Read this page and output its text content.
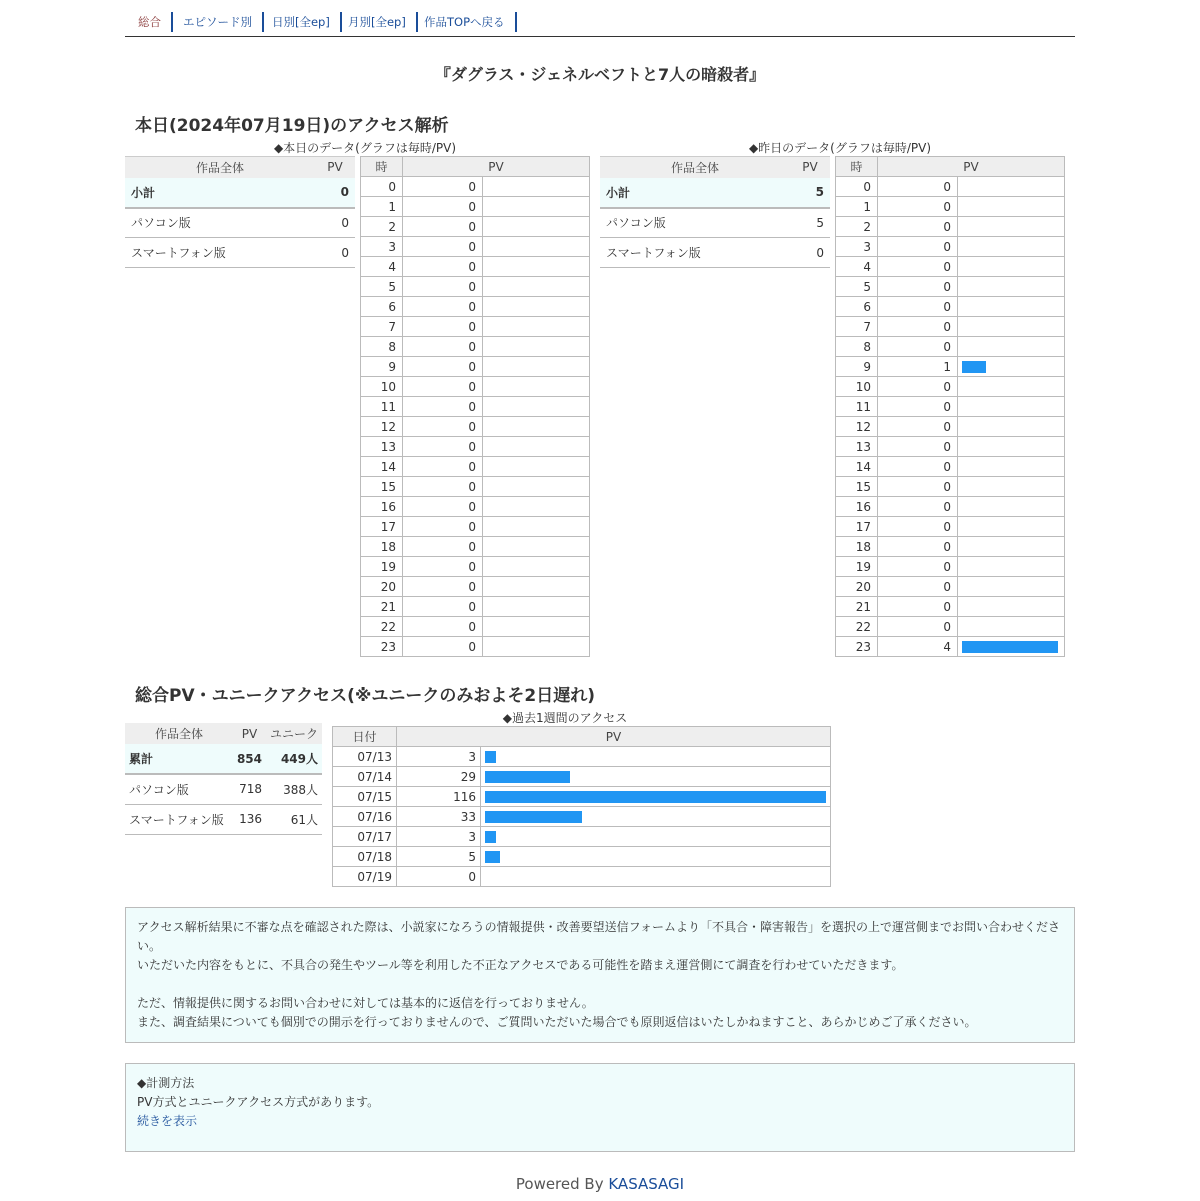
総合	エピソード別	日別[全ep]	月別[全ep]	作品TOPへ戻る
『ダグラス・ジェネルベフトと7人の暗殺者』
本日(2024年07月19日)のアクセス解析
◆本日のデータ(グラフは毎時/PV)	◆昨日のデータ(グラフは毎時/PV)
作品全体	PV
小計	0
パソコン版	0
スマートフォン版	0
時	PV	
0	0	
1	0	
2	0	
3	0	
4	0	
5	0	
6	0	
7	0	
8	0	
9	0	
10	0	
11	0	
12	0	
13	0	
14	0	
15	0	
16	0	
17	0	
18	0	
19	0	
20	0	
21	0	
22	0	
23	0	
作品全体	PV
小計	5
パソコン版	5
スマートフォン版	0
時	PV	
0	0	
1	0	
2	0	
3	0	
4	0	
5	0	
6	0	
7	0	
8	0	
9	1	

10	0	
11	0	
12	0	
13	0	
14	0	
15	0	
16	0	
17	0	
18	0	
19	0	
20	0	
21	0	
22	0	
23	4	
総合PV・ユニークアクセス(※ユニークのみおよそ2日遅れ)
◆過去1週間のアクセス
作品全体	PV	ユニーク
累計	854	449人
パソコン版	718	388人
スマートフォン版	136	61人
日付	PV	
07/13	3	

07/14	29	

07/15	116	

07/16	33	

07/17	3	

07/18	5	

07/19	0	

アクセス解析結果に不審な点を確認された際は、小説家になろうの情報提供・改善要望送信フォームより「不具合・障害報告」を選択の上で運営側までお問い合わせください。

いただいた内容をもとに、不具合の発生やツール等を利用した不正なアクセスである可能性を踏まえ運営側にて調査を行わせていただきます。

ただ、情報提供に関するお問い合わせに対しては基本的に返信を行っておりません。

また、調査結果についても個別での開示を行っておりませんので、ご質問いただいた場合でも原則返信はいたしかねますこと、あらかじめご了承ください。

◆計測方法

PV方式とユニークアクセス方式があります。

続きを表示

Powered By KASASAGI
